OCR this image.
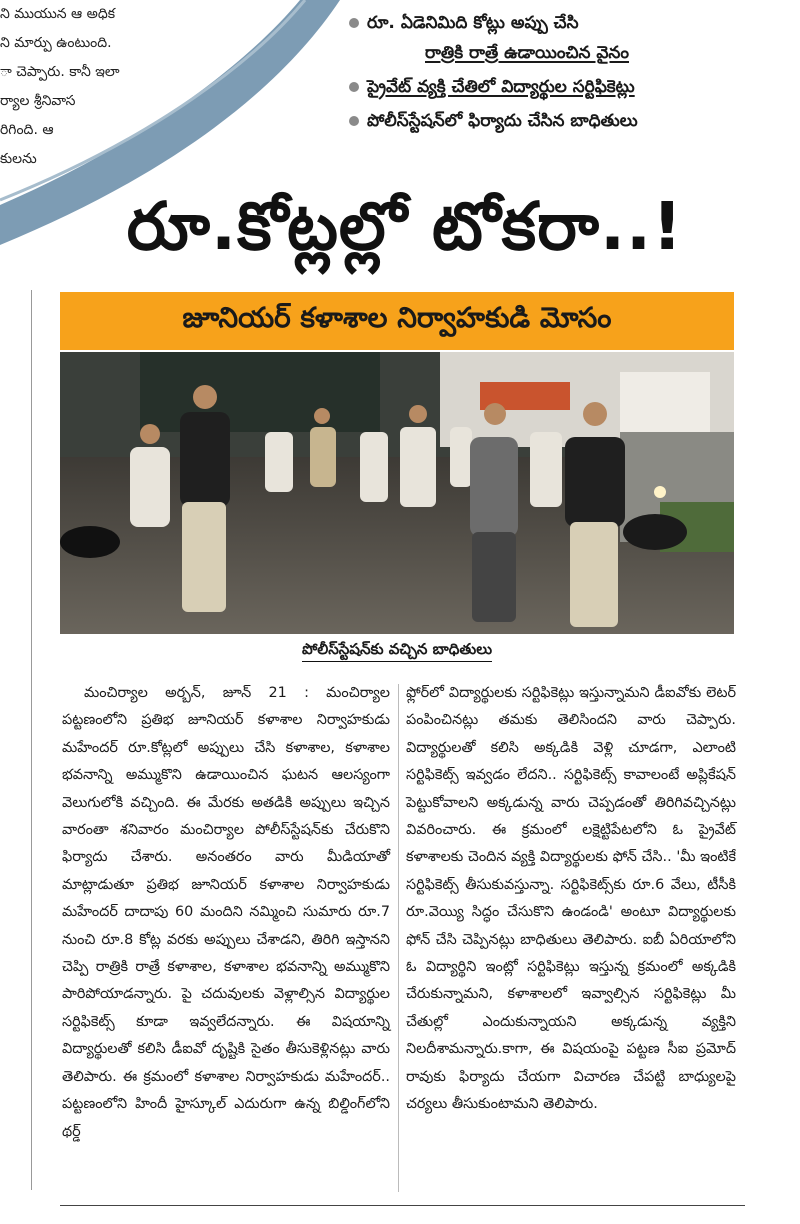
ని ముయున ఆ అధిక
ని మార్పు ఉంటుంది.
ా చెప్పారు. కానీ ఇలా
ర్యాల శ్రీనివాస
రిగింది. ఆ
కులను
రూ. ఏడెనిమిది కోట్లు అప్పు చేసి
రాత్రికి రాత్రే ఉడాయించిన వైనం
ప్రైవేట్ వ్యక్తి చేతిలో విద్యార్థుల సర్టిఫికెట్లు
పోలీస్‌స్టేషన్‌లో ఫిర్యాదు చేసిన బాధితులు
రూ.కోట్లల్లో టోకరా..!
జూనియర్ కళాశాల నిర్వాహకుడి మోసం
పోలీస్‌స్టేషన్‌కు వచ్చిన బాధితులు

మంచిర్యాల అర్బన్, జూన్ 21 : మంచిర్యాల పట్టణంలోని ప్రతిభ జూనియర్ కళాశాల నిర్వాహకుడు మహేందర్ రూ.కోట్లలో అప్పులు చేసి కళాశాల, కళాశాల భవనాన్ని అమ్ముకొని ఉడాయించిన ఘటన ఆలస్యంగా వెలుగులోకి వచ్చింది. ఈ మేరకు అతడికి అప్పులు ఇచ్చిన వారంతా శనివారం మంచిర్యాల పోలీస్‌స్టేషన్‌కు చేరుకొని ఫిర్యాదు చేశారు. అనంతరం వారు మీడియాతో మాట్లాడుతూ ప్రతిభ జూనియర్ కళాశాల నిర్వాహకుడు మహేందర్ దాదాపు 60 మందిని నమ్మించి సుమారు రూ.7 నుంచి రూ.8 కోట్ల వరకు అప్పులు చేశాడని, తిరిగి ఇస్తానని చెప్పి రాత్రికి రాత్రే కళాశాల, కళాశాల భవనాన్ని అమ్ముకొని పారిపోయాడన్నారు. పై చదువులకు వెళ్లాల్సిన విద్యార్థుల సర్టిఫికెట్స్ కూడా ఇవ్వలేదన్నారు. ఈ విషయాన్ని విద్యార్థులతో కలిసి డీఐవో దృష్టికి సైతం తీసుకెళ్లినట్లు వారు తెలిపారు. ఈ క్రమంలో కళాశాల నిర్వాహకుడు మహేందర్.. పట్టణంలోని హిందీ హైస్కూల్ ఎదురుగా ఉన్న బిల్డింగ్‌లోని థర్డ్

ఫ్లోర్‌లో విద్యార్థులకు సర్టిఫికెట్లు ఇస్తున్నామని డీఐవోకు లెటర్ పంపించినట్లు తమకు తెలిసిందని వారు చెప్పారు. విద్యార్థులతో కలిసి అక్కడికి వెళ్లి చూడగా, ఎలాంటి సర్టిఫికెట్స్ ఇవ్వడం లేదని.. సర్టిఫికెట్స్ కావాలంటే అప్లికేషన్ పెట్టుకోవాలని అక్కడున్న వారు చెప్పడంతో తిరిగివచ్చినట్లు వివరించారు. ఈ క్రమంలో లక్షెట్టిపేటలోని ఓ ప్రైవేట్ కళాశాలకు చెందిన వ్యక్తి విద్యార్థులకు ఫోన్ చేసి.. 'మీ ఇంటికే సర్టిఫికెట్స్ తీసుకువస్తున్నా. సర్టిఫికెట్స్‌కు రూ.6 వేలు, టీసీకి రూ.వెయ్యి సిద్ధం చేసుకొని ఉండండి' అంటూ విద్యార్థులకు ఫోన్ చేసి చెప్పినట్లు బాధితులు తెలిపారు. ఐబీ ఏరియాలోని ఓ విద్యార్థిని ఇంట్లో సర్టిఫికెట్లు ఇస్తున్న క్రమంలో అక్కడికి చేరుకున్నామని, కళాశాలలో ఇవ్వాల్సిన సర్టిఫికెట్లు మీ చేతుల్లో ఎందుకున్నాయని అక్కడున్న వ్యక్తిని నిలదీశామన్నారు.కాగా, ఈ విషయంపై పట్టణ సీఐ ప్రమోద్ రావుకు ఫిర్యాదు చేయగా విచారణ చేపట్టి బాధ్యులపై చర్యలు తీసుకుంటామని తెలిపారు.
